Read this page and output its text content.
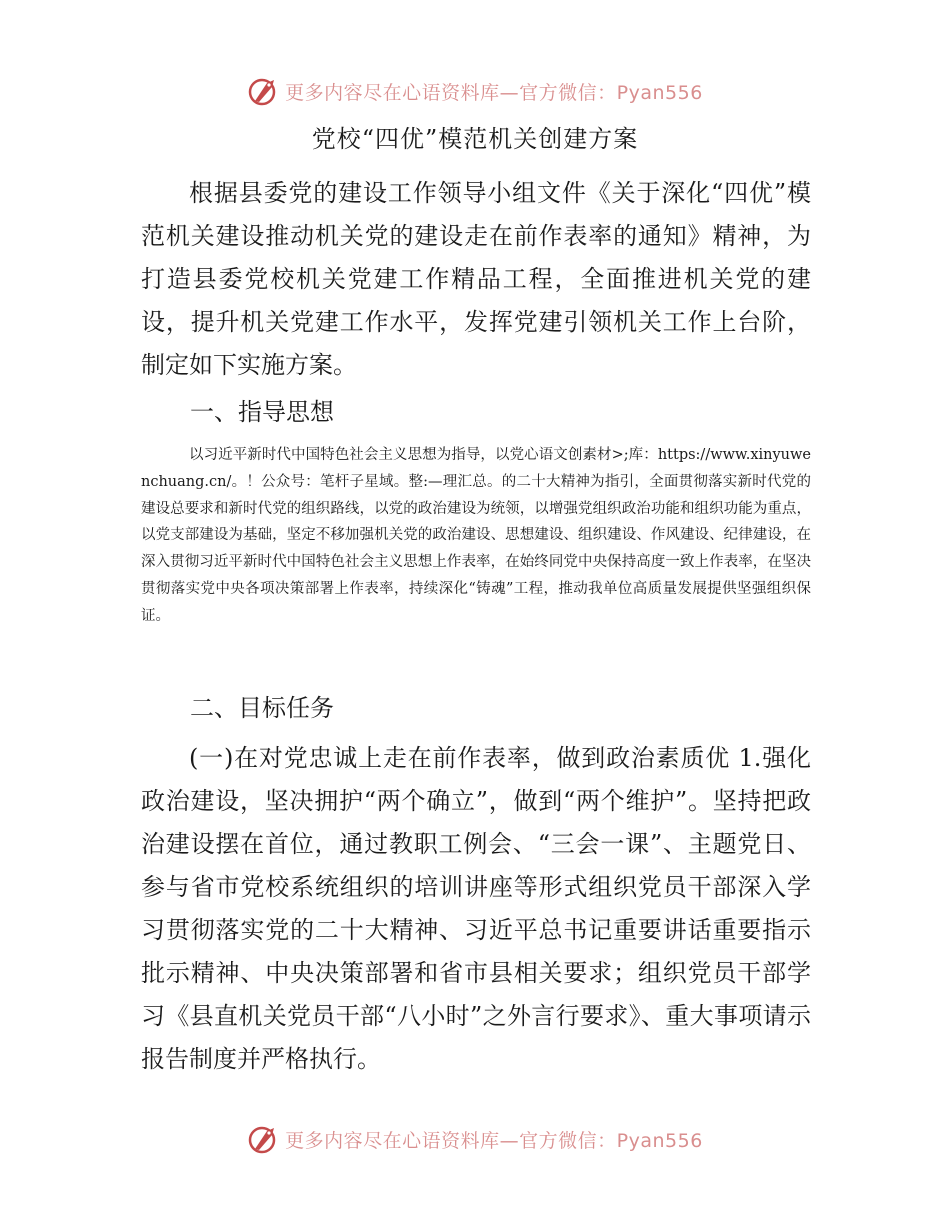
更多内容尽在心语资料库—官方微信：Pyan556
党校“四优”模范机关创建方案

根据县委党的建设工作领导小组文件《关于深化“四优”模范机关建设推动机关党的建设走在前作表率的通知》精神，为打造县委党校机关党建工作精品工程，全面推进机关党的建设，提升机关党建工作水平，发挥党建引领机关工作上台阶，制定如下实施方案。

一、指导思想

以习近平新时代中国特色社会主义思想为指导，以党心语文创素材>;库：https://www.xinyuwenchuang.cn/。！公众号：笔杆子星域。整:—理汇总。的二十大精神为指引，全面贯彻落实新时代党的建设总要求和新时代党的组织路线，以党的政治建设为统领，以增强党组织政治功能和组织功能为重点，以党支部建设为基础，坚定不移加强机关党的政治建设、思想建设、组织建设、作风建设、纪律建设，在深入贯彻习近平新时代中国特色社会主义思想上作表率，在始终同党中央保持高度一致上作表率，在坚决贯彻落实党中央各项决策部署上作表率，持续深化“铸魂”工程，推动我单位高质量发展提供坚强组织保证。

二、目标任务

(一)在对党忠诚上走在前作表率，做到政治素质优 1.强化政治建设，坚决拥护“两个确立”，做到“两个维护”。坚持把政治建设摆在首位，通过教职工例会、“三会一课”、主题党日、参与省市党校系统组织的培训讲座等形式组织党员干部深入学习贯彻落实党的二十大精神、习近平总书记重要讲话重要指示批示精神、中央决策部署和省市县相关要求；组织党员干部学习《县直机关党员干部“八小时”之外言行要求》、重大事项请示报告制度并严格执行。

更多内容尽在心语资料库—官方微信：Pyan556
